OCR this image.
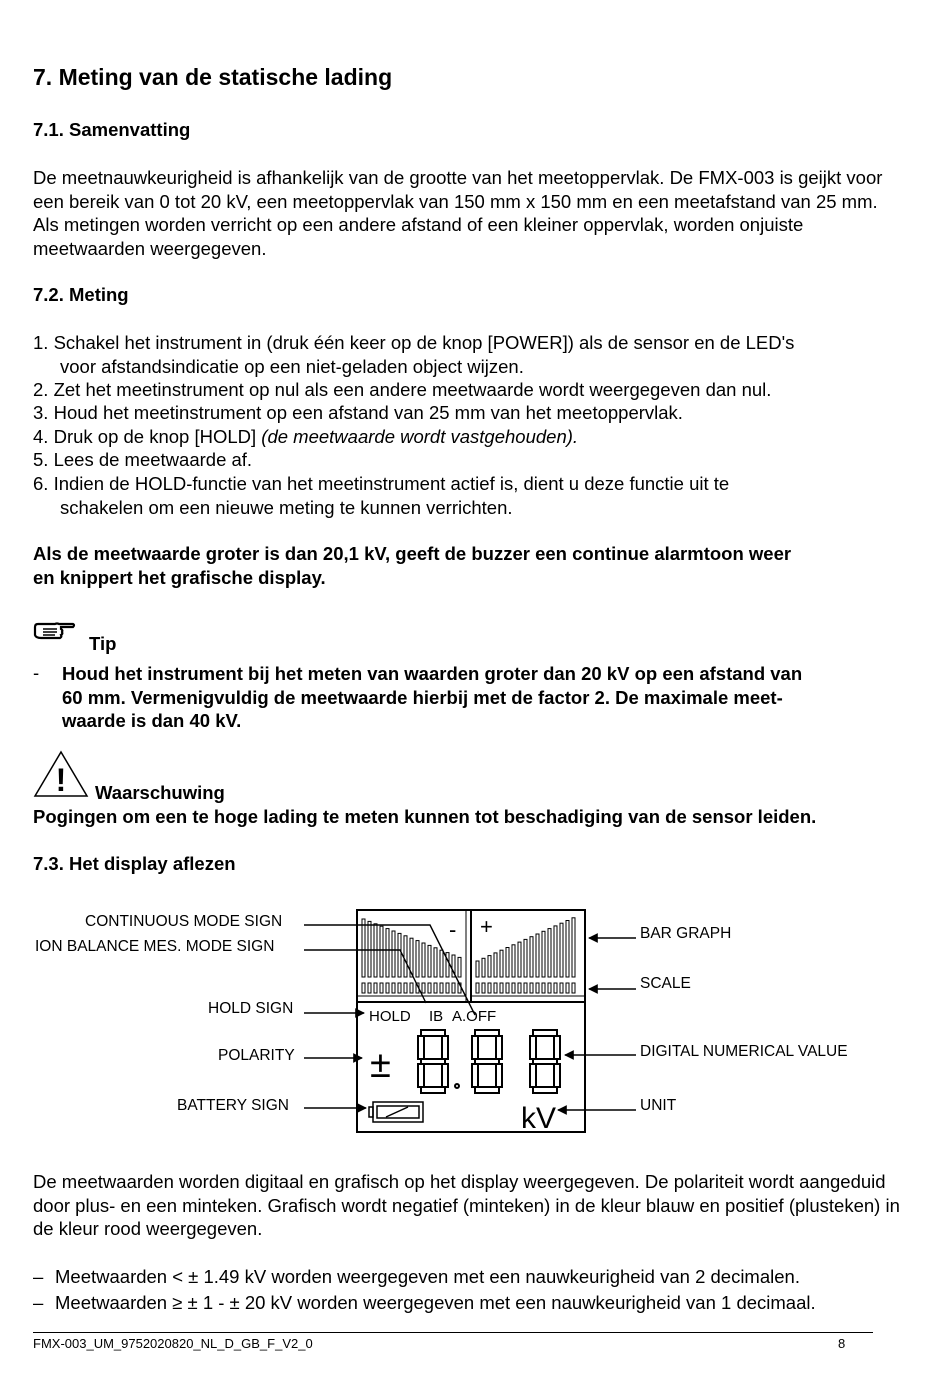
7. Meting van de statische lading
7.1. Samenvatting
De meetnauwkeurigheid is afhankelijk van de grootte van het meetoppervlak. De FMX-003 is geijkt voor een bereik van 0 tot 20 kV, een meetoppervlak van 150 mm x 150 mm en een meetafstand van 25 mm. Als metingen worden verricht op een andere afstand of een kleiner oppervlak, worden onjuiste meetwaarden weergegeven.
7.2. Meting
1. Schakel het instrument in (druk één keer op de knop [POWER]) als de sensor en de LED's
voor afstandsindicatie op een niet-geladen object wijzen.
2. Zet het meetinstrument op nul als een andere meetwaarde wordt weergegeven dan nul.
3. Houd het meetinstrument op een afstand van 25 mm van het meetoppervlak.
4. Druk op de knop [HOLD] (de meetwaarde wordt vastgehouden).
5. Lees de meetwaarde af.
6. Indien de HOLD-functie van het meetinstrument actief is, dient u deze functie uit te
schakelen om een nieuwe meting te kunnen verrichten.
Als de meetwaarde groter is dan 20,1 kV, geeft de buzzer een continue alarmtoon weer
en knippert het grafische display.
Tip
- Houd het instrument bij het meten van waarden groter dan 20 kV op een afstand van
60 mm. Vermenigvuldig de meetwaarde hierbij met de factor 2. De maximale meet-
waarde is dan 40 kV.
! Waarschuwing
Pogingen om een te hoge lading te meten kunnen tot beschadiging van de sensor leiden.
7.3. Het display aflezen
CONTINUOUS MODE SIGN
ION BALANCE MES. MODE SIGN
HOLD SIGN
POLARITY
BATTERY SIGN
BAR GRAPH
SCALE
DIGITAL NUMERICAL VALUE
UNIT
- +
HOLD IB A.OFF
±
kV
De meetwaarden worden digitaal en grafisch op het display weergegeven. De polariteit wordt aangeduid door plus- en een minteken. Grafisch wordt negatief (minteken) in de kleur blauw en positief (plusteken) in de kleur rood weergegeven.
– Meetwaarden < ± 1.49 kV worden weergegeven met een nauwkeurigheid van 2 decimalen.
– Meetwaarden ≥ ± 1 - ± 20 kV worden weergegeven met een nauwkeurigheid van 1 decimaal.
FMX-003_UM_9752020820_NL_D_GB_F_V2_0	8
